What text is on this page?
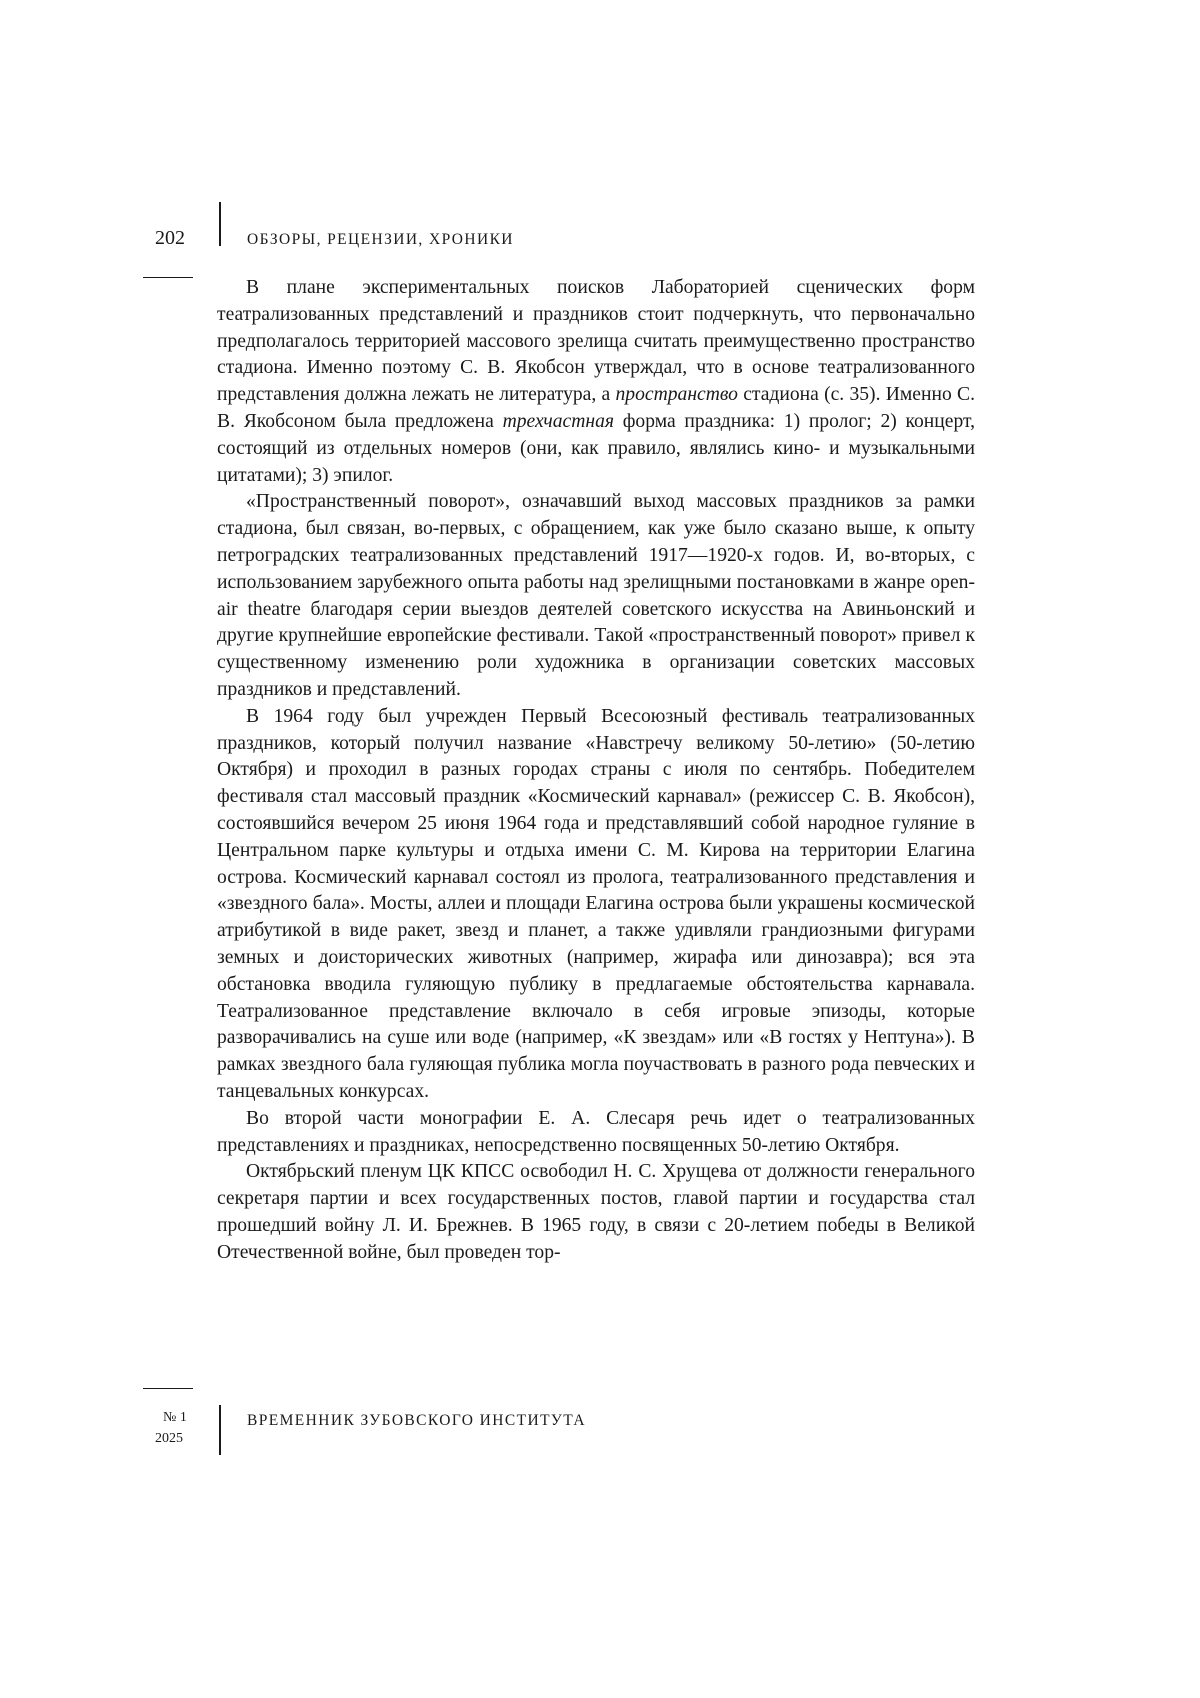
202	ОБЗОРЫ, РЕЦЕНЗИИ, ХРОНИКИ

В плане экспериментальных поисков Лабораторией сценических форм театрализованных представлений и праздников стоит подчеркнуть, что первоначально предполагалось территорией массового зрелища считать преимущественно пространство стадиона. Именно поэтому С. В. Якобсон утверждал, что в основе театрализованного представления должна лежать не литература, а пространство стадиона (с. 35). Именно С. В. Якобсоном была предложена трехчастная форма праздника: 1) пролог; 2) концерт, состоящий из отдельных номеров (они, как правило, являлись кино- и музыкальными цитатами); 3) эпилог.

«Пространственный поворот», означавший выход массовых праздников за рамки стадиона, был связан, во-первых, с обращением, как уже было сказано выше, к опыту петроградских театрализованных представлений 1917—1920-х годов. И, во-вторых, с использованием зарубежного опыта работы над зрелищными постановками в жанре open-air theatre благодаря серии выездов деятелей советского искусства на Авиньонский и другие крупнейшие европейские фестивали. Такой «пространственный поворот» привел к существенному изменению роли художника в организации советских массовых праздников и представлений.

В 1964 году был учрежден Первый Всесоюзный фестиваль театрализованных праздников, который получил название «Навстречу великому 50-летию» (50-летию Октября) и проходил в разных городах страны с июля по сентябрь. Победителем фестиваля стал массовый праздник «Космический карнавал» (режиссер С. В. Якобсон), состоявшийся вечером 25 июня 1964 года и представлявший собой народное гуляние в Центральном парке культуры и отдыха имени С. М. Кирова на территории Елагина острова. Космический карнавал состоял из пролога, театрализованного представления и «звездного бала». Мосты, аллеи и площади Елагина острова были украшены космической атрибутикой в виде ракет, звезд и планет, а также удивляли грандиозными фигурами земных и доисторических животных (например, жирафа или динозавра); вся эта обстановка вводила гуляющую публику в предлагаемые обстоятельства карнавала. Театрализованное представление включало в себя игровые эпизоды, которые разворачивались на суше или воде (например, «К звездам» или «В гостях у Нептуна»). В рамках звездного бала гуляющая публика могла поучаствовать в разного рода певческих и танцевальных конкурсах.

Во второй части монографии Е. А. Слесаря речь идет о театрализованных представлениях и праздниках, непосредственно посвященных 50-летию Октября.

Октябрьский пленум ЦК КПСС освободил Н. С. Хрущева от должности генерального секретаря партии и всех государственных постов, главой партии и государства стал прошедший войну Л. И. Брежнев. В 1965 году, в связи с 20-летием победы в Великой Отечественной войне, был проведен тор-

№ 1
2025
ВРЕМЕННИК ЗУБОВСКОГО ИНСТИТУТА
